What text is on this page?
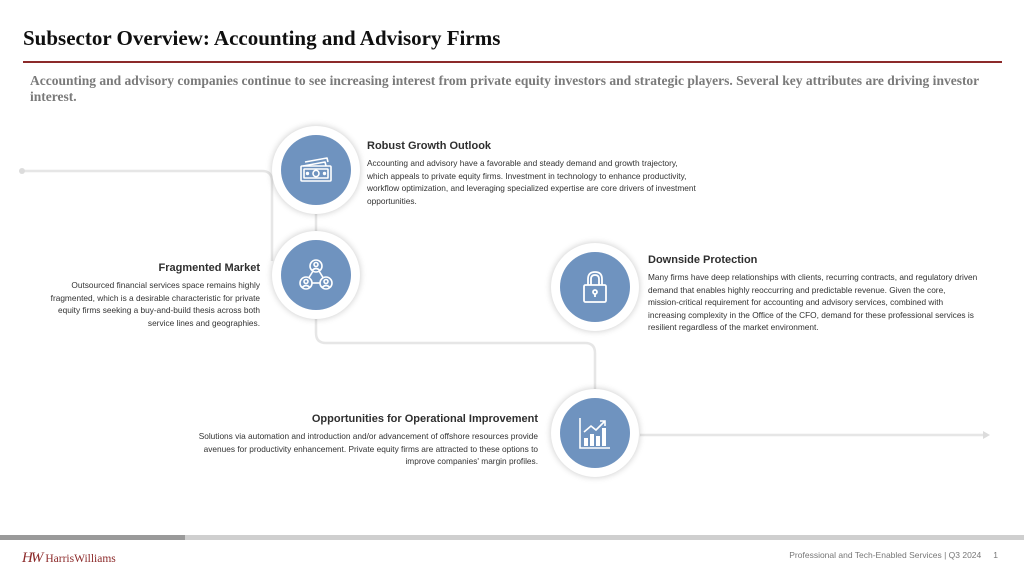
Subsector Overview: Accounting and Advisory Firms

Accounting and advisory companies continue to see increasing interest from private equity investors and strategic players. Several key attributes are driving investor interest.

Robust Growth Outlook

Accounting and advisory have a favorable and steady demand and growth trajectory, which appeals to private equity firms. Investment in technology to enhance productivity, workflow optimization, and leveraging specialized expertise are core drivers of investment opportunities.

Fragmented Market

Outsourced financial services space remains highly fragmented, which is a desirable characteristic for private equity firms seeking a buy-and-build thesis across both service lines and geographies.

Downside Protection

Many firms have deep relationships with clients, recurring contracts, and regulatory driven demand that enables highly reoccurring and predictable revenue. Given the core, mission-critical requirement for accounting and advisory services, combined with increasing complexity in the Office of the CFO, demand for these professional services is resilient regardless of the market environment.

Opportunities for Operational Improvement

Solutions via automation and introduction and/or advancement of offshore resources provide avenues for productivity enhancement. Private equity firms are attracted to these options to improve companies' margin profiles.

HW HarrisWilliams	Professional and Tech-Enabled Services | Q3 2024 1
